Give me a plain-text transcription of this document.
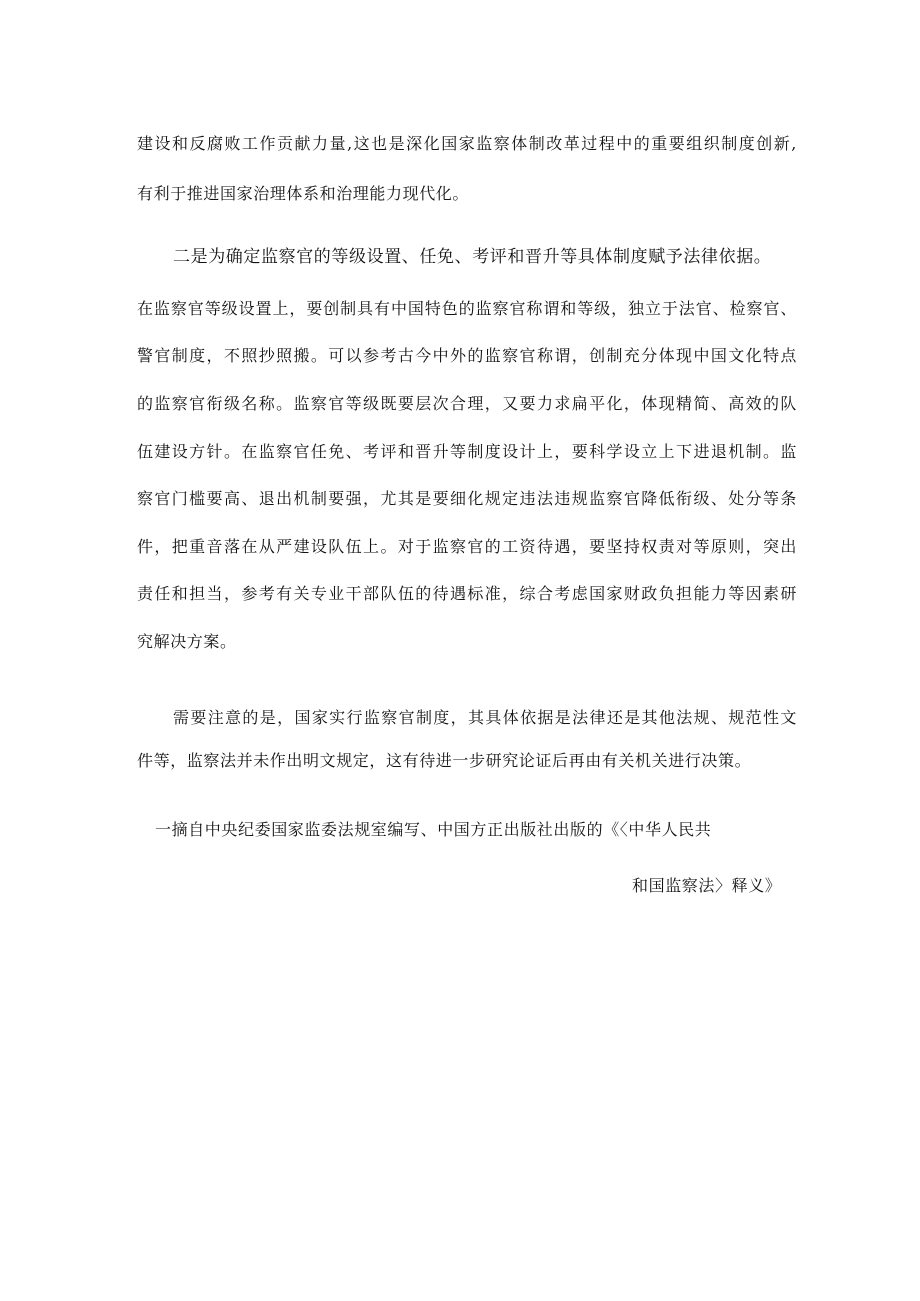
建设和反腐败工作贡献力量,这也是深化国家监察体制改革过程中的重要组织制度创新,
有利于推进国家治理体系和治理能力现代化。
二是为确定监察官的等级设置、任免、考评和晋升等具体制度赋予法律依据。
在监察官等级设置上，要创制具有中国特色的监察官称谓和等级，独立于法官、检察官、
警官制度，不照抄照搬。可以参考古今中外的监察官称谓，创制充分体现中国文化特点
的监察官衔级名称。监察官等级既要层次合理，又要力求扁平化，体现精简、高效的队
伍建设方针。在监察官任免、考评和晋升等制度设计上，要科学设立上下进退机制。监
察官门槛要高、退出机制要强，尤其是要细化规定违法违规监察官降低衔级、处分等条
件，把重音落在从严建设队伍上。对于监察官的工资待遇，要坚持权责对等原则，突出
责任和担当，参考有关专业干部队伍的待遇标准，综合考虑国家财政负担能力等因素研
究解决方案。
需要注意的是，国家实行监察官制度，其具体依据是法律还是其他法规、规范性文
件等，监察法并未作出明文规定，这有待进一步研究论证后再由有关机关进行决策。
一摘自中央纪委国家监委法规室编写、中国方正出版社出版的《〈中华人民共
和国监察法〉释义》
